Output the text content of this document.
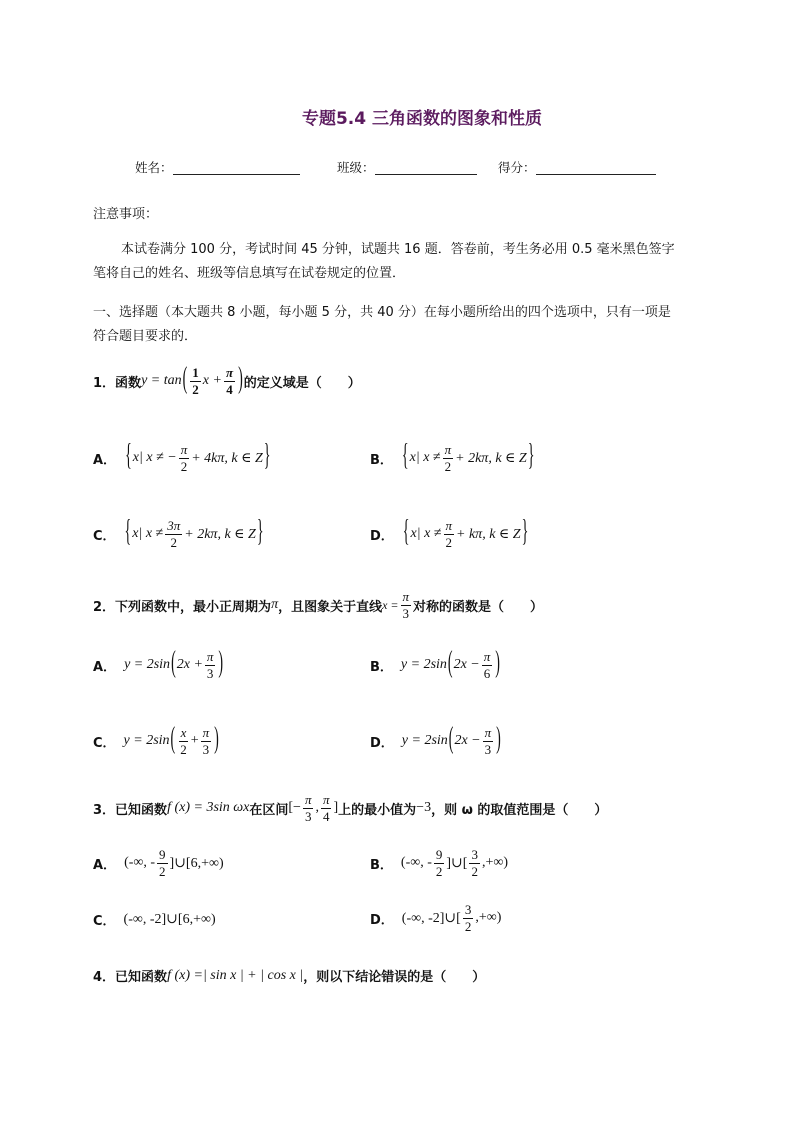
专题5.4 三角函数的图象和性质
姓名：	班级：	得分：
注意事项：
本试卷满分 100 分，考试时间 45 分钟，试题共 16 题．答卷前，考生务必用 0.5 毫米黑色签字
笔将自己的姓名、班级等信息填写在试卷规定的位置．
一、选择题（本大题共 8 小题，每小题 5 分，共 40 分）在每小题所给出的四个选项中，只有一项是
符合题目要求的．
1． 函数 y = tan ( $\frac{1}{2}$ $x + \frac{\pi}{4}$ ) 的定义域是（　　）
A． { x| x ≠ − $\frac{\pi}{2} + 4k\pi$, k ∈ Z }	B． { x| $x \ne \frac{\pi}{2} + 2k\pi$, k ∈ Z }
C． { x| $x \ne \frac{3\pi}{2} + 2k\pi$, k ∈ Z }	D． { x| $x \ne \frac{\pi}{2} + k\pi$, k ∈ Z }
2． 下列函数中，最小正周期为 π ，且图象关于直线 $x = \frac{\pi}{3}$ 对称的函数是（　　）
A． y = 2sin ( $2x + \frac{\pi}{3}$ )	B． y = 2sin ( $2x - \frac{\pi}{6}$ )
C． y = 2sin ( $\frac{x}{2} + \frac{\pi}{3}$ )	D． y = 2sin ( $2x - \frac{\pi}{3}$ )
3． 已知函数 f (x) = 3sin ωx 在区间 [− $\frac{\pi}{3}$ , $\frac{\pi}{4}$ ] 上的最小值为 −3 ，则 ω 的取值范围是（　　）
A． (-∞, - $\frac{9}{2}$ ]∪[6,+∞)	B． (-∞, - $\frac{9}{2}$ ]∪[ $\frac{3}{2}$ ,+∞)
C． (-∞, -2]∪[6,+∞)	D． (-∞, -2]∪[ $\frac{3}{2}$ ,+∞)
4． 已知函数 f (x) =| sin x | + | cos x | ，则以下结论错误的是（　　）
